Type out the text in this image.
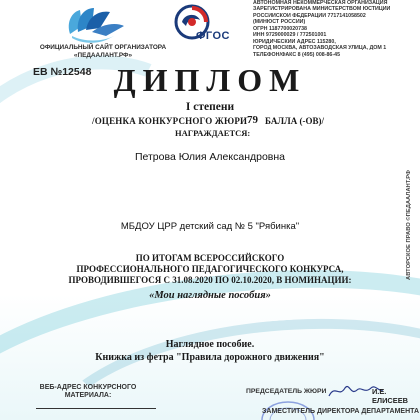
ОФИЦИАЛЬНЫЙ САЙТ ОРГАНИЗАТОРА «ПЕДААЛАНТ.РФ»
ФГОС
АВТОНОМНАЯ НЕКОММЕРЧЕСКАЯ ОРГАНИЗАЦИЯ
ЗАРЕГИСТРИРОВАНА МИНИСТЕРСТВОМ ЮСТИЦИИ
РОССИЙСКОЙ ФЕДЕРАЦИИ 7717141058502
(МИНЮСТ РОССИИ)
ОГРН 1187700020738
ИНН 9729000029 / 772501001
ЮРИДИЧЕСКИЙ АДРЕС 115280,
ГОРОД МОСКВА, АВТОЗАВОДСКАЯ УЛИЦА, ДОМ 1
ТЕЛЕФОН/ФАКС 8 (495) 008-86-45
ЕВ №12548 ДИПЛОМ
I степени
/ОЦЕНКА КОНКУРСНОГО ЖЮРИ 79 БАЛЛА (-ОВ)/
НАГРАЖДАЕТСЯ:
Петрова Юлия Александровна
МБДОУ ЦРР детский сад № 5 "Рябинка"
ПО ИТОГАМ ВСЕРОССИЙСКОГО
ПРОФЕССИОНАЛЬНОГО ПЕДАГОГИЧЕСКОГО КОНКУРСА,
ПРОВОДИВШЕГОСЯ С 31.08.2020 ПО 02.10.2020, В НОМИНАЦИИ:
«Мои наглядные пособия»
Наглядное пособие.
Книжка из фетра "Правила дорожного движения"
ВЕБ-АДРЕС КОНКУРСНОГО МАТЕРИАЛА:
ПРЕДСЕДАТЕЛЬ ЖЮРИ	И.Е. ЕЛИСЕЕВ
ЗАМЕСТИТЕЛЬ ДИРЕКТОРА ДЕПАРТАМЕНТА
АВТОРСКОЕ ПРАВО ©ПЕДААЛАНТ.РФ
